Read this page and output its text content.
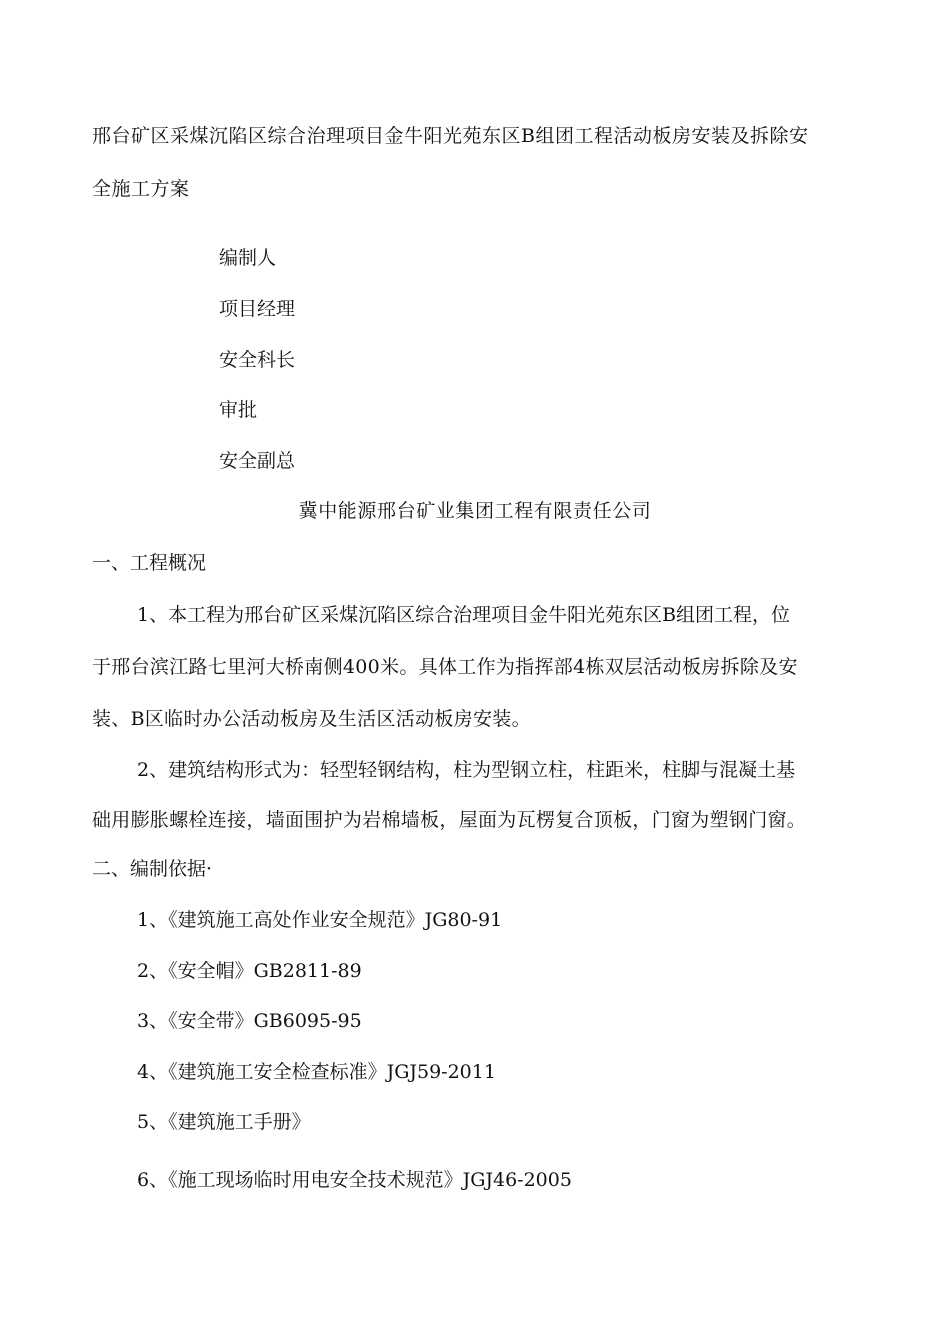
邢台矿区采煤沉陷区综合治理项目金牛阳光苑东区B组团工程活动板房安装及拆除安
全施工方案
编制人
项目经理
安全科长
审批
安全副总
冀中能源邢台矿业集团工程有限责任公司
一、工程概况
1、本工程为邢台矿区采煤沉陷区综合治理项目金牛阳光苑东区B组团工程，位
于邢台滨江路七里河大桥南侧400米。具体工作为指挥部4栋双层活动板房拆除及安
装、B区临时办公活动板房及生活区活动板房安装。
2、建筑结构形式为：轻型轻钢结构，柱为型钢立柱，柱距米，柱脚与混凝土基
础用膨胀螺栓连接，墙面围护为岩棉墙板，屋面为瓦楞复合顶板，门窗为塑钢门窗。
二、编制依据·
1、《建筑施工高处作业安全规范》JG80-91
2、《安全帽》GB2811-89
3、《安全带》GB6095-95
4、《建筑施工安全检查标准》JGJ59-2011
5、《建筑施工手册》
6、《施工现场临时用电安全技术规范》JGJ46-2005
